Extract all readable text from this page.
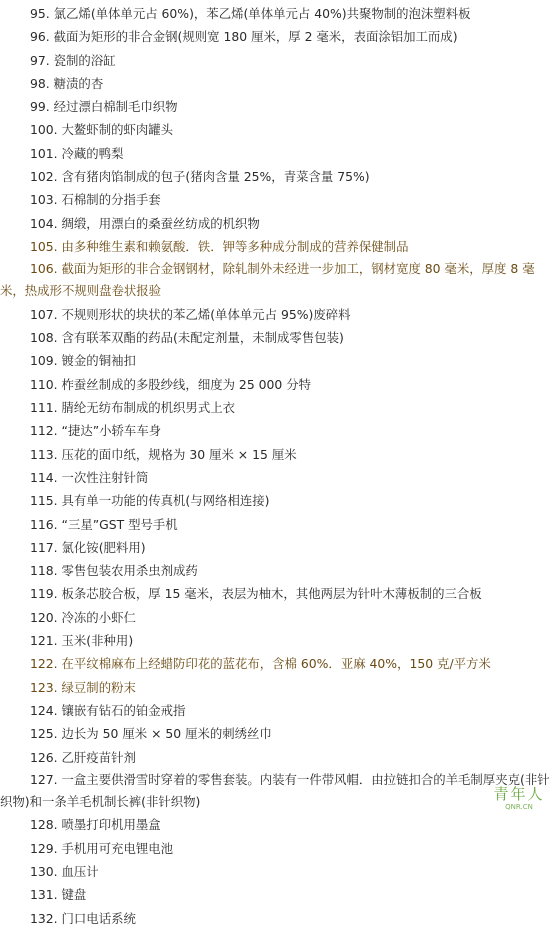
95. 氯乙烯(单体单元占 60%)，苯乙烯(单体单元占 40%)共聚物制的泡沫塑料板
96. 截面为矩形的非合金钢(规则宽 180 厘米，厚 2 毫米，表面涂铝加工而成)
97. 瓷制的浴缸
98. 糖渍的杏
99. 经过漂白棉制毛巾织物
100. 大鳌虾制的虾肉罐头
101. 冷藏的鸭梨
102. 含有猪肉馅制成的包子(猪肉含量 25%，青菜含量 75%)
103. 石棉制的分指手套
104. 绸缎，用漂白的桑蚕丝纺成的机织物
105. 由多种维生素和赖氨酸．铁．钾等多种成分制成的营养保健制品
106. 截面为矩形的非合金钢钢材，除轧制外未经进一步加工，钢材宽度 80 毫米，厚度 8 毫米，热成形不规则盘卷状报验
107. 不规则形状的块状的苯乙烯(单体单元占 95%)废碎料
108. 含有联苯双酯的药品(未配定剂量，未制成零售包装)
109. 镀金的铜袖扣
110. 柞蚕丝制成的多股纱线，细度为 25 000 分特
111. 腈纶无纺布制成的机织男式上衣
112. “捷达”小轿车车身
113. 压花的面巾纸，规格为 30 厘米 × 15 厘米
114. 一次性注射针筒
115. 具有单一功能的传真机(与网络相连接)
116. “三星”GST 型号手机
117. 氯化铵(肥料用)
118. 零售包装农用杀虫剂成药
119. 板条芯胶合板，厚 15 毫米，表层为柚木，其他两层为针叶木薄板制的三合板
120. 冷冻的小虾仁
121. 玉米(非种用)
122. 在平纹棉麻布上经蜡防印花的蓝花布，含棉 60%．亚麻 40%，150 克/平方米
123. 绿豆制的粉末
124. 镶嵌有钻石的铂金戒指
125. 边长为 50 厘米 × 50 厘米的刺绣丝巾
126. 乙肝疫苗针剂
127. 一盒主要供滑雪时穿着的零售套装。内装有一件带风帽．由拉链扣合的羊毛制厚夹克(非针织物)和一条羊毛机制长裤(非针织物)
128. 喷墨打印机用墨盒
129. 手机用可充电锂电池
130. 血压计
131. 键盘
132. 门口电话系统
青年人
QNR.CN
